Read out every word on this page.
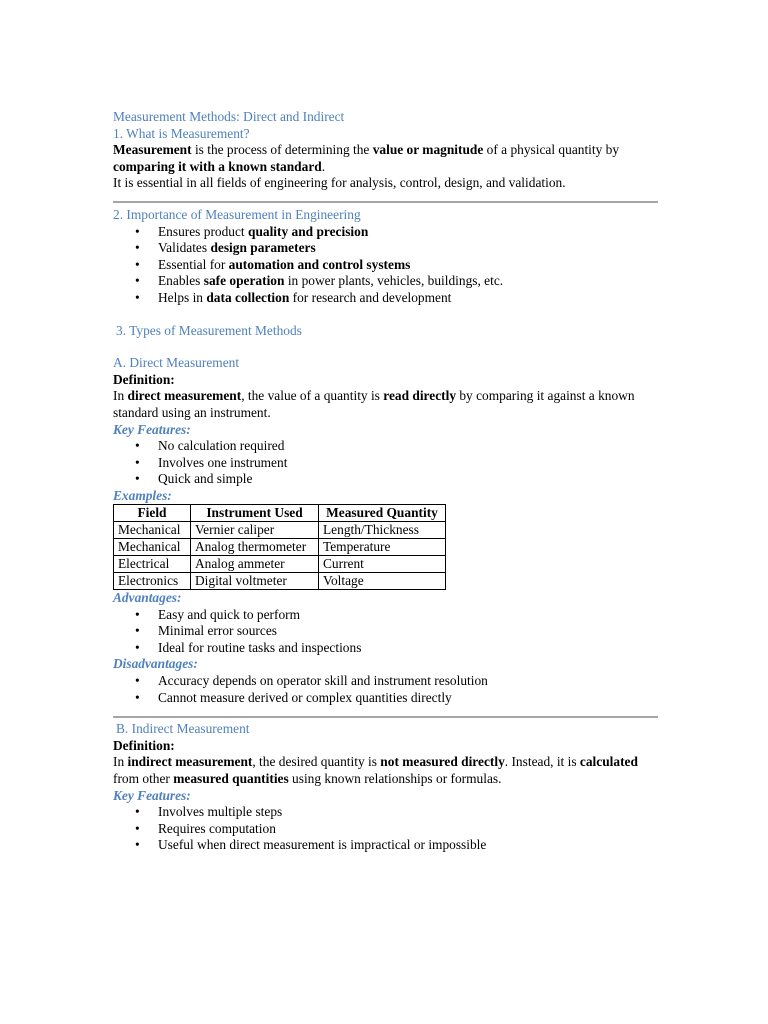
Measurement Methods: Direct and Indirect
1. What is Measurement?
Measurement is the process of determining the value or magnitude of a physical quantity by
comparing it with a known standard.
It is essential in all fields of engineering for analysis, control, design, and validation.
2. Importance of Measurement in Engineering
• Ensures product quality and precision
• Validates design parameters
• Essential for automation and control systems
• Enables safe operation in power plants, vehicles, buildings, etc.
• Helps in data collection for research and development
3. Types of Measurement Methods
A. Direct Measurement
Definition:
In direct measurement, the value of a quantity is read directly by comparing it against a known
standard using an instrument.
Key Features:
• No calculation required
• Involves one instrument
• Quick and simple
Examples:
Field	Instrument Used	Measured Quantity
Mechanical	Vernier caliper	Length/Thickness
Mechanical	Analog thermometer	Temperature
Electrical	Analog ammeter	Current
Electronics	Digital voltmeter	Voltage
Advantages:
• Easy and quick to perform
• Minimal error sources
• Ideal for routine tasks and inspections
Disadvantages:
• Accuracy depends on operator skill and instrument resolution
• Cannot measure derived or complex quantities directly
B. Indirect Measurement
Definition:
In indirect measurement, the desired quantity is not measured directly. Instead, it is calculated
from other measured quantities using known relationships or formulas.
Key Features:
• Involves multiple steps
• Requires computation
• Useful when direct measurement is impractical or impossible
